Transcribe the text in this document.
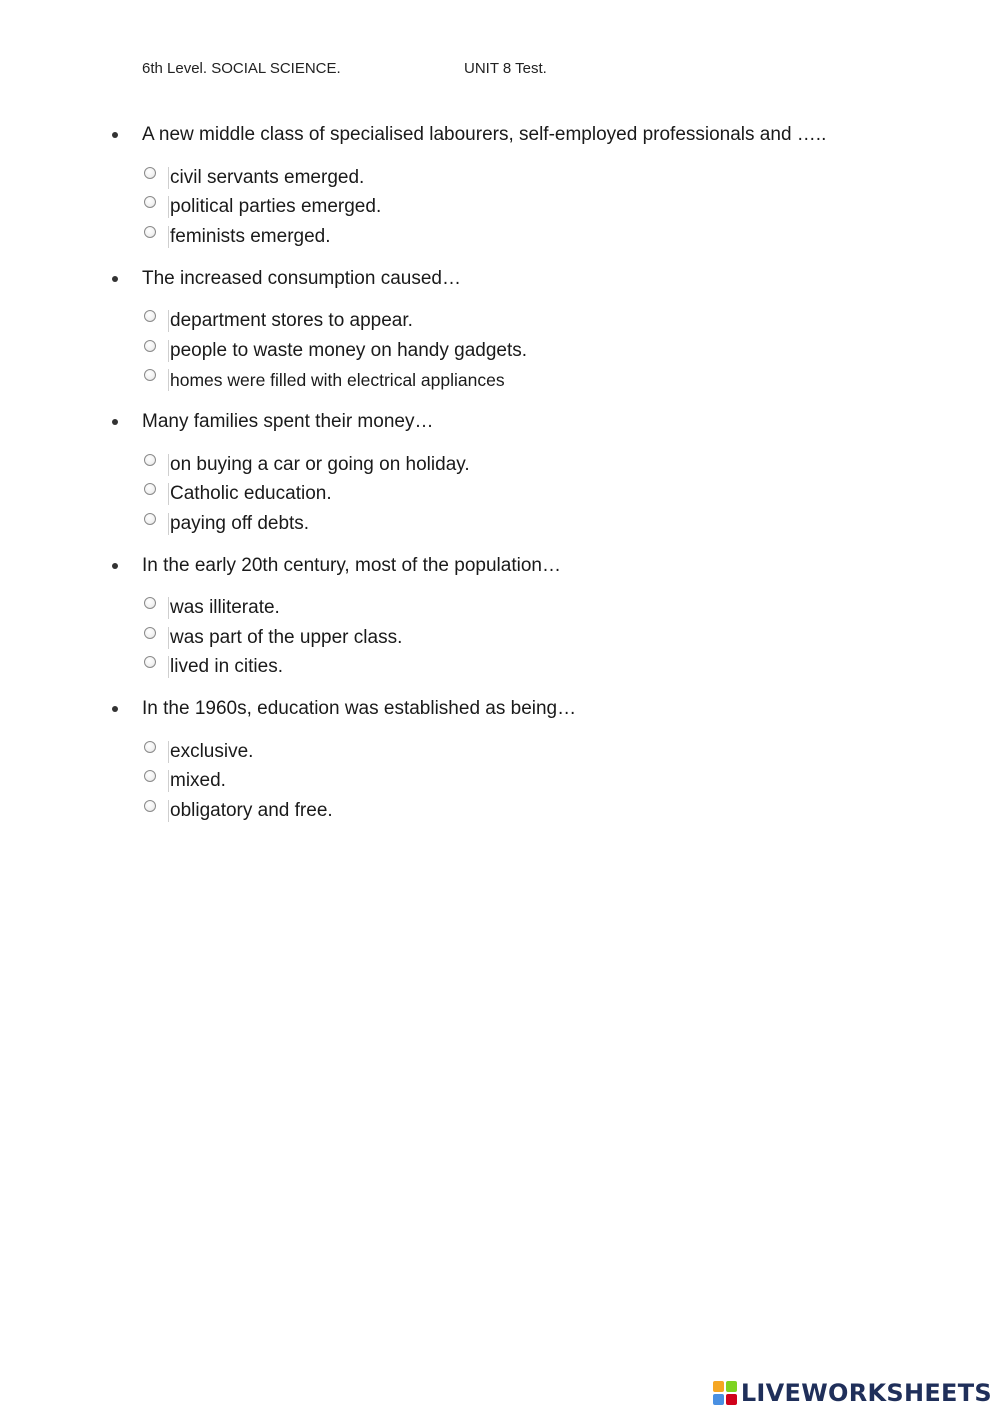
6th Level. SOCIAL SCIENCE.	UNIT 8 Test.
A new middle class of specialised labourers, self-employed professionals and …..
civil servants emerged.
political parties emerged.
feminists emerged.
The increased consumption caused…
department stores to appear.
people to waste money on handy gadgets.
homes were filled with electrical appliances
Many families spent their money…
on buying a car or going on holiday.
Catholic education.
paying off debts.
In the early 20th century, most of the population…
was illiterate.
was part of the upper class.
lived in cities.
In the 1960s, education was established as being…
exclusive.
mixed.
obligatory and free.
LIVEWORKSHEETS
